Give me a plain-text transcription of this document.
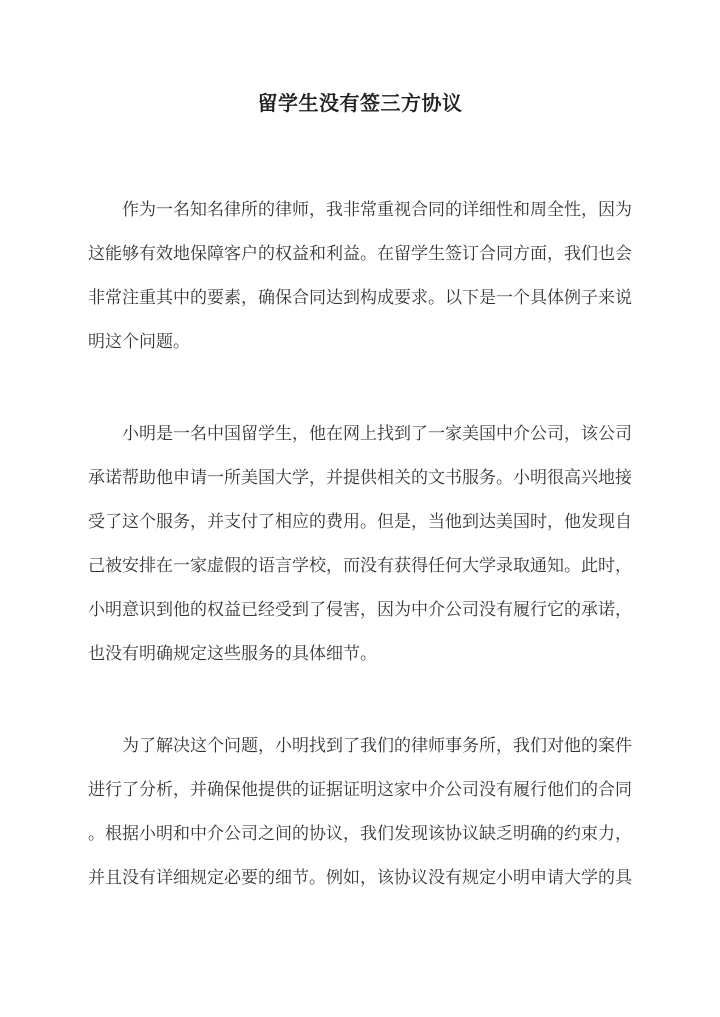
留学生没有签三方协议
作为一名知名律所的律师，我非常重视合同的详细性和周全性，因为
这能够有效地保障客户的权益和利益。在留学生签订合同方面，我们也会
非常注重其中的要素，确保合同达到构成要求。以下是一个具体例子来说
明这个问题。
小明是一名中国留学生，他在网上找到了一家美国中介公司，该公司
承诺帮助他申请一所美国大学，并提供相关的文书服务。小明很高兴地接
受了这个服务，并支付了相应的费用。但是，当他到达美国时，他发现自
己被安排在一家虚假的语言学校，而没有获得任何大学录取通知。此时，
小明意识到他的权益已经受到了侵害，因为中介公司没有履行它的承诺，
也没有明确规定这些服务的具体细节。
为了解决这个问题，小明找到了我们的律师事务所，我们对他的案件
进行了分析，并确保他提供的证据证明这家中介公司没有履行他们的合同
。根据小明和中介公司之间的协议，我们发现该协议缺乏明确的约束力，
并且没有详细规定必要的细节。例如，该协议没有规定小明申请大学的具
